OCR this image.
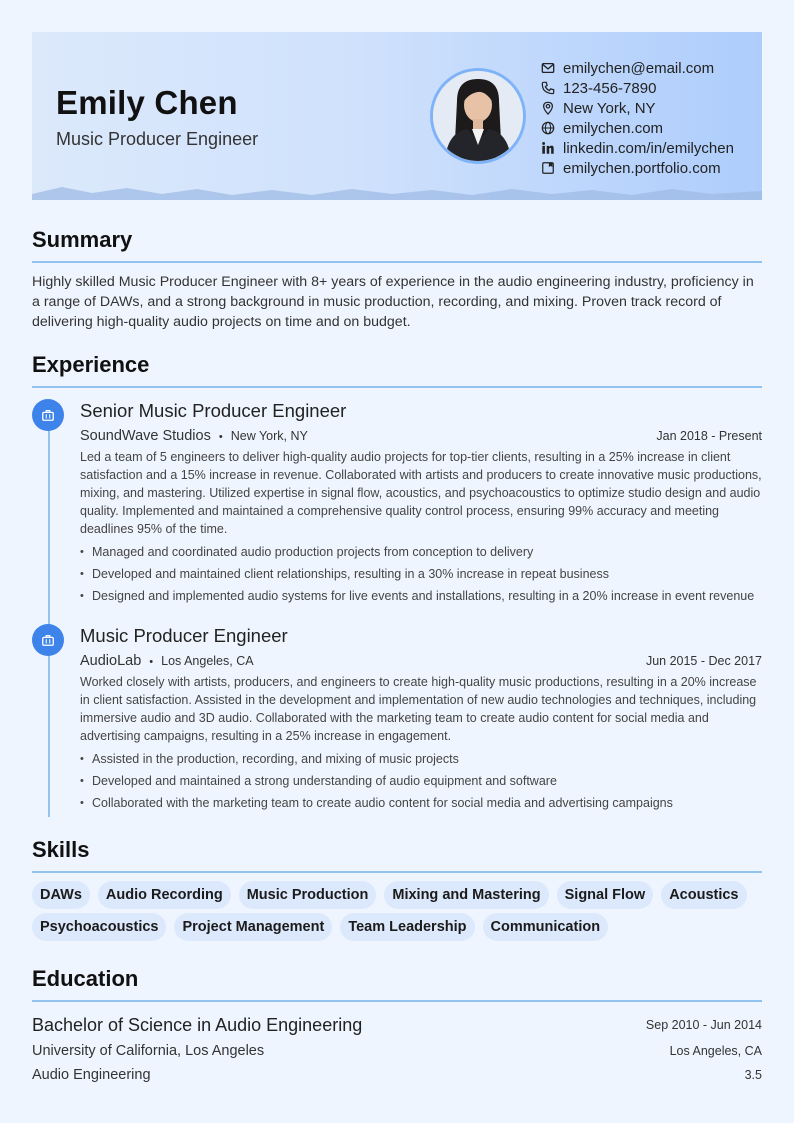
Emily Chen
Music Producer Engineer
emilychen@email.com
123-456-7890
New York, NY
emilychen.com
linkedin.com/in/emilychen
emilychen.portfolio.com
Summary
Highly skilled Music Producer Engineer with 8+ years of experience in the audio engineering industry, proficiency in a range of DAWs, and a strong background in music production, recording, and mixing. Proven track record of delivering high-quality audio projects on time and on budget.
Experience
Senior Music Producer Engineer
SoundWave Studios • New York, NY	Jan 2018 - Present
Led a team of 5 engineers to deliver high-quality audio projects for top-tier clients, resulting in a 25% increase in client satisfaction and a 15% increase in revenue. Collaborated with artists and producers to create innovative music productions, mixing, and mastering. Utilized expertise in signal flow, acoustics, and psychoacoustics to optimize studio design and audio quality. Implemented and maintained a comprehensive quality control process, ensuring 99% accuracy and meeting deadlines 95% of the time.
• Managed and coordinated audio production projects from conception to delivery
• Developed and maintained client relationships, resulting in a 30% increase in repeat business
• Designed and implemented audio systems for live events and installations, resulting in a 20% increase in event revenue
Music Producer Engineer
AudioLab • Los Angeles, CA	Jun 2015 - Dec 2017
Worked closely with artists, producers, and engineers to create high-quality music productions, resulting in a 20% increase in client satisfaction. Assisted in the development and implementation of new audio technologies and techniques, including immersive audio and 3D audio. Collaborated with the marketing team to create audio content for social media and advertising campaigns, resulting in a 25% increase in engagement.
• Assisted in the production, recording, and mixing of music projects
• Developed and maintained a strong understanding of audio equipment and software
• Collaborated with the marketing team to create audio content for social media and advertising campaigns
Skills
DAWs	Audio Recording	Music Production	Mixing and Mastering	Signal Flow	Acoustics
Psychoacoustics	Project Management	Team Leadership	Communication
Education
Bachelor of Science in Audio Engineering	Sep 2010 - Jun 2014
University of California, Los Angeles	Los Angeles, CA
Audio Engineering	3.5
